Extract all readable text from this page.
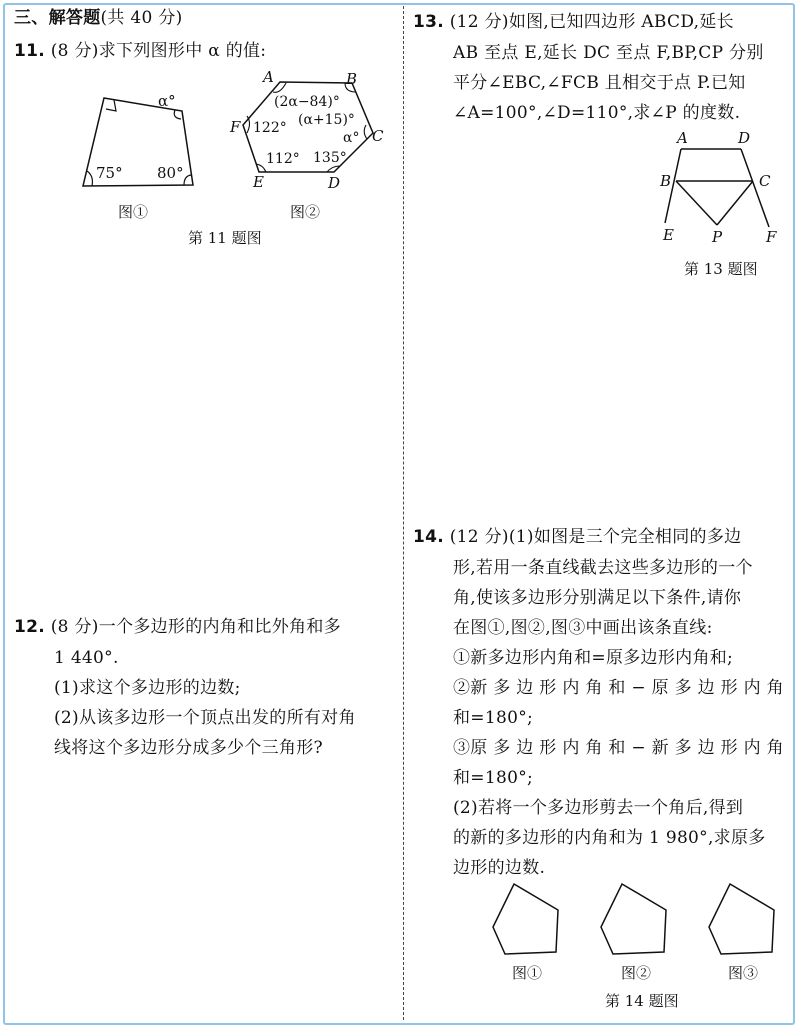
三、解答题(共 40 分)
11. (8 分)求下列图形中 α 的值:
α°
75° 80°
图①
A	B
C
D
E
F
(2α−84)°
(α+15)°
122°
α°
112° 135°
图②
第 11 题图
12. (8 分)一个多边形的内角和比外角和多
1 440°.
(1)求这个多边形的边数;
(2)从该多边形一个顶点出发的所有对角
线将这个多边形分成多少个三角形?
13. (12 分)如图,已知四边形 ABCD,延长
AB 至点 E,延长 DC 至点 F,BP,CP 分别
平分∠EBC,∠FCB 且相交于点 P.已知
∠A=100°,∠D=110°,求∠P 的度数.
A	D
B	C
E	P	F
第 13 题图
14. (12 分)(1)如图是三个完全相同的多边
形,若用一条直线截去这些多边形的一个
角,使该多边形分别满足以下条件,请你
在图①,图②,图③中画出该条直线:
①新多边形内角和=原多边形内角和;
②新 多 边 形 内 角 和 − 原 多 边 形 内 角
和=180°;
③原 多 边 形 内 角 和 − 新 多 边 形 内 角
和=180°;
(2)若将一个多边形剪去一个角后,得到
的新的多边形的内角和为 1 980°,求原多
边形的边数.
图①	图②	图③
第 14 题图
